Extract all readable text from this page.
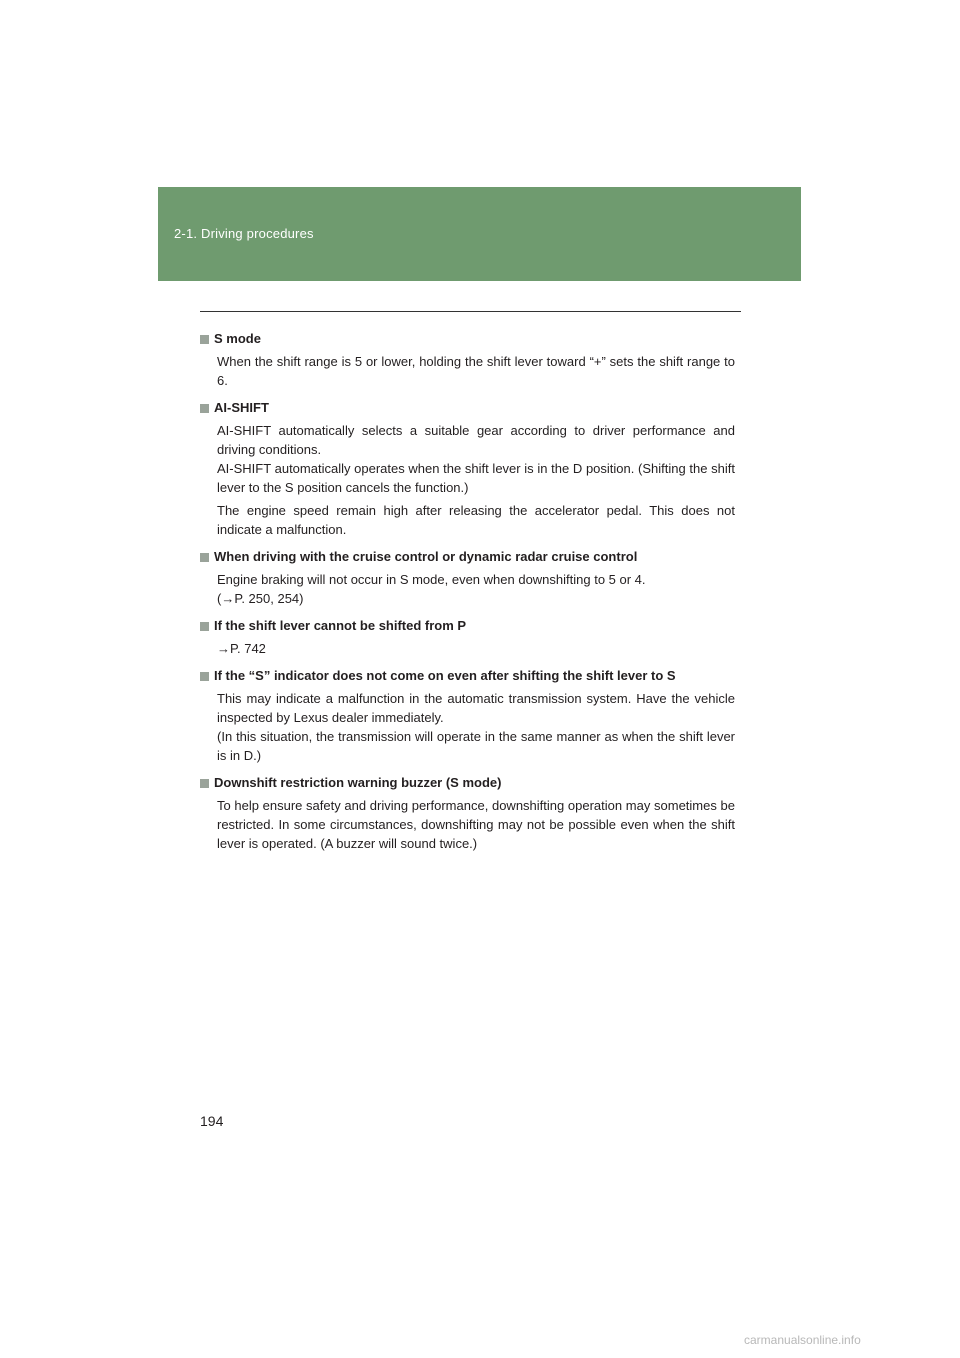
2-1. Driving procedures
S mode
When the shift range is 5 or lower, holding the shift lever toward “+” sets the shift range to 6.
AI-SHIFT
AI-SHIFT automatically selects a suitable gear according to driver performance and driving conditions.
AI-SHIFT automatically operates when the shift lever is in the D position. (Shifting the shift lever to the S position cancels the function.)
The engine speed remain high after releasing the accelerator pedal. This does not indicate a malfunction.
When driving with the cruise control or dynamic radar cruise control
Engine braking will not occur in S mode, even when downshifting to 5 or 4.
(→P. 250, 254)
If the shift lever cannot be shifted from P
→P. 742
If the “S” indicator does not come on even after shifting the shift lever to S
This may indicate a malfunction in the automatic transmission system. Have the vehicle inspected by Lexus dealer immediately.
(In this situation, the transmission will operate in the same manner as when the shift lever is in D.)
Downshift restriction warning buzzer (S mode)
To help ensure safety and driving performance, downshifting operation may sometimes be restricted. In some circumstances, downshifting may not be possible even when the shift lever is operated. (A buzzer will sound twice.)
194
carmanualsonline.info
